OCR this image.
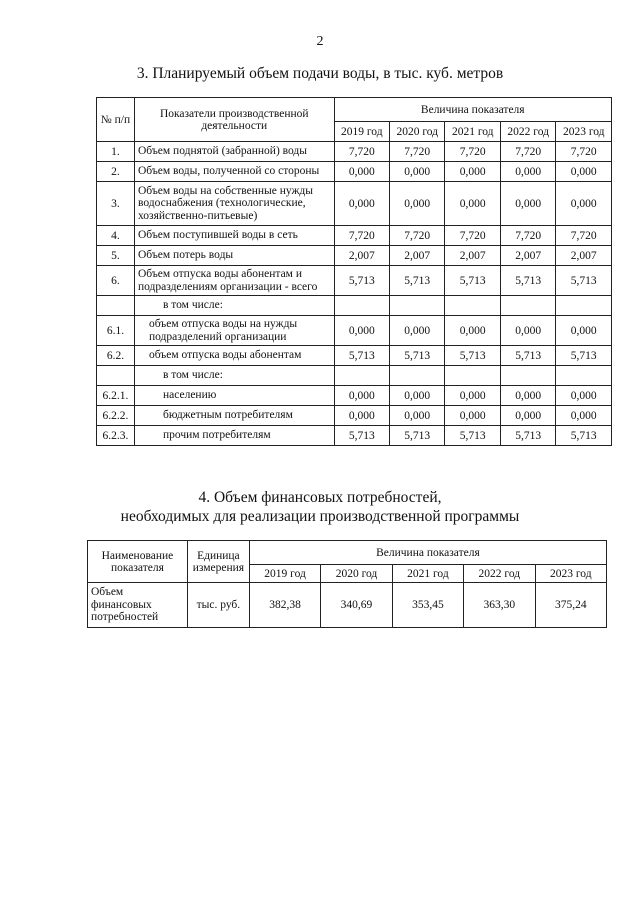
2
3. Планируемый объем подачи воды, в тыс. куб. метров
№ п/п	Показатели производственной деятельности	Величина показателя				
		2019 год	2020 год	2021 год	2022 год	2023 год
1.	Объем поднятой (забранной) воды	7,720	7,720	7,720	7,720	7,720
2.	Объем воды, полученной со стороны	0,000	0,000	0,000	0,000	0,000
3.	Объем воды на собственные нужды водоснабжения (технологические, хозяйственно-питьевые)	0,000	0,000	0,000	0,000	0,000
4.	Объем поступившей воды в сеть	7,720	7,720	7,720	7,720	7,720
5.	Объем потерь воды	2,007	2,007	2,007	2,007	2,007
6.	Объем отпуска воды абонентам и подразделениям организации - всего	5,713	5,713	5,713	5,713	5,713
	в том числе:					
6.1.	объем отпуска воды на нужды подразделений организации	0,000	0,000	0,000	0,000	0,000
6.2.	объем отпуска воды абонентам	5,713	5,713	5,713	5,713	5,713
	в том числе:					
6.2.1.	населению	0,000	0,000	0,000	0,000	0,000
6.2.2.	бюджетным потребителям	0,000	0,000	0,000	0,000	0,000
6.2.3.	прочим потребителям	5,713	5,713	5,713	5,713	5,713
4. Объем финансовых потребностей,
необходимых для реализации производственной программы
Наименование показателя	Единица измерения	Величина показателя				
		2019 год	2020 год	2021 год	2022 год	2023 год
Объем финансовых потребностей	тыс. руб.	382,38	340,69	353,45	363,30	375,24
